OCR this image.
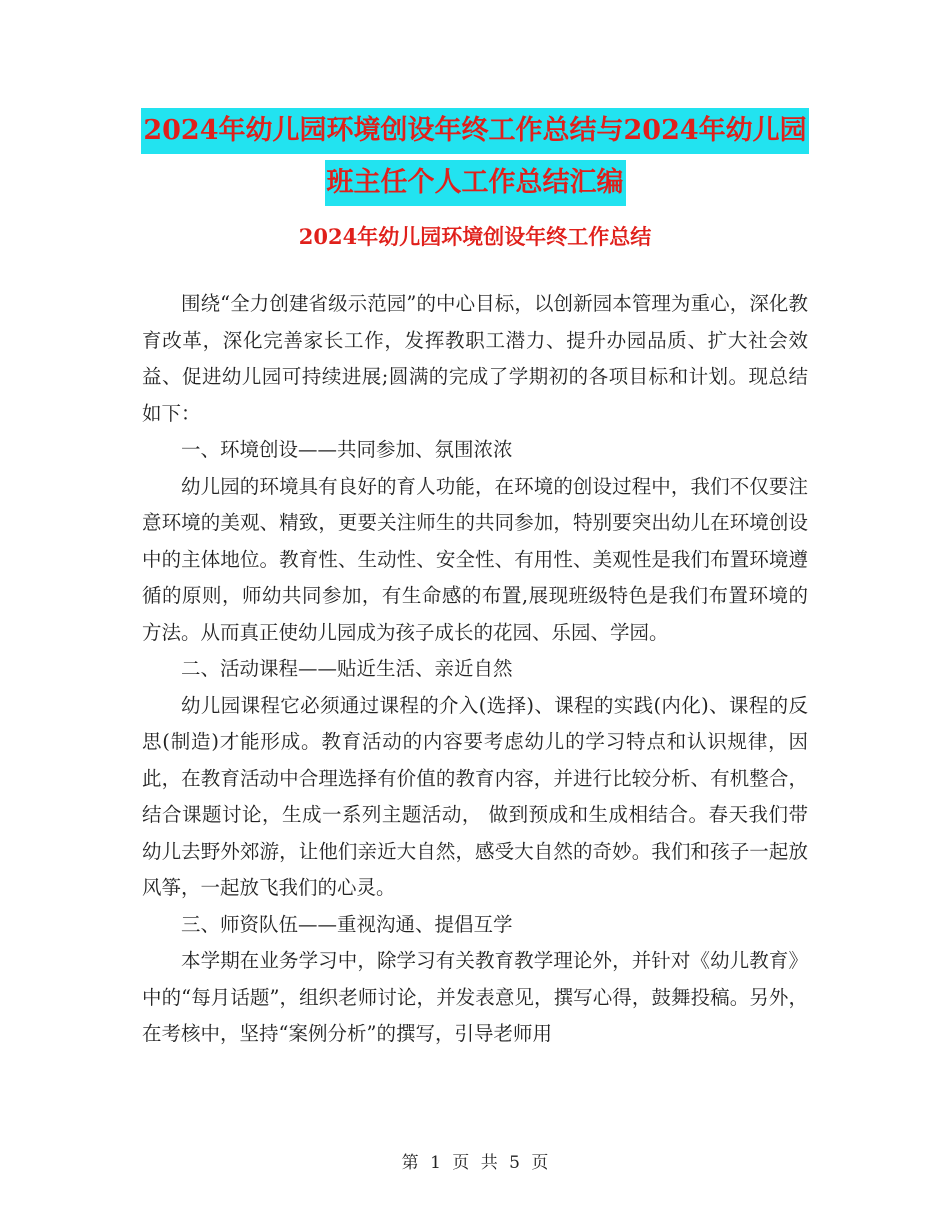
2024年幼儿园环境创设年终工作总结与2024年幼儿园
班主任个人工作总结汇编
2024年幼儿园环境创设年终工作总结

围绕“全力创建省级示范园”的中心目标，以创新园本管理为重心，深化教育改革，深化完善家长工作，发挥教职工潜力、提升办园品质、扩大社会效益、促进幼儿园可持续进展;圆满的完成了学期初的各项目标和计划。现总结如下：

一、环境创设——共同参加、氛围浓浓

幼儿园的环境具有良好的育人功能，在环境的创设过程中，我们不仅要注意环境的美观、精致，更要关注师生的共同参加，特别要突出幼儿在环境创设中的主体地位。教育性、生动性、安全性、有用性、美观性是我们布置环境遵循的原则，师幼共同参加，有生命感的布置,展现班级特色是我们布置环境的方法。从而真正使幼儿园成为孩子成长的花园、乐园、学园。

二、活动课程——贴近生活、亲近自然

幼儿园课程它必须通过课程的介入(选择)、课程的实践(内化)、课程的反思(制造)才能形成。教育活动的内容要考虑幼儿的学习特点和认识规律，因此，在教育活动中合理选择有价值的教育内容，并进行比较分析、有机整合，结合课题讨论，生成一系列主题活动， 做到预成和生成相结合。春天我们带幼儿去野外郊游，让他们亲近大自然，感受大自然的奇妙。我们和孩子一起放风筝，一起放飞我们的心灵。

三、师资队伍——重视沟通、提倡互学

本学期在业务学习中，除学习有关教育教学理论外，并针对《幼儿教育》中的“每月话题”，组织老师讨论，并发表意见，撰写心得，鼓舞投稿。另外，在考核中，坚持“案例分析”的撰写，引导老师用

第 1 页 共 5 页
